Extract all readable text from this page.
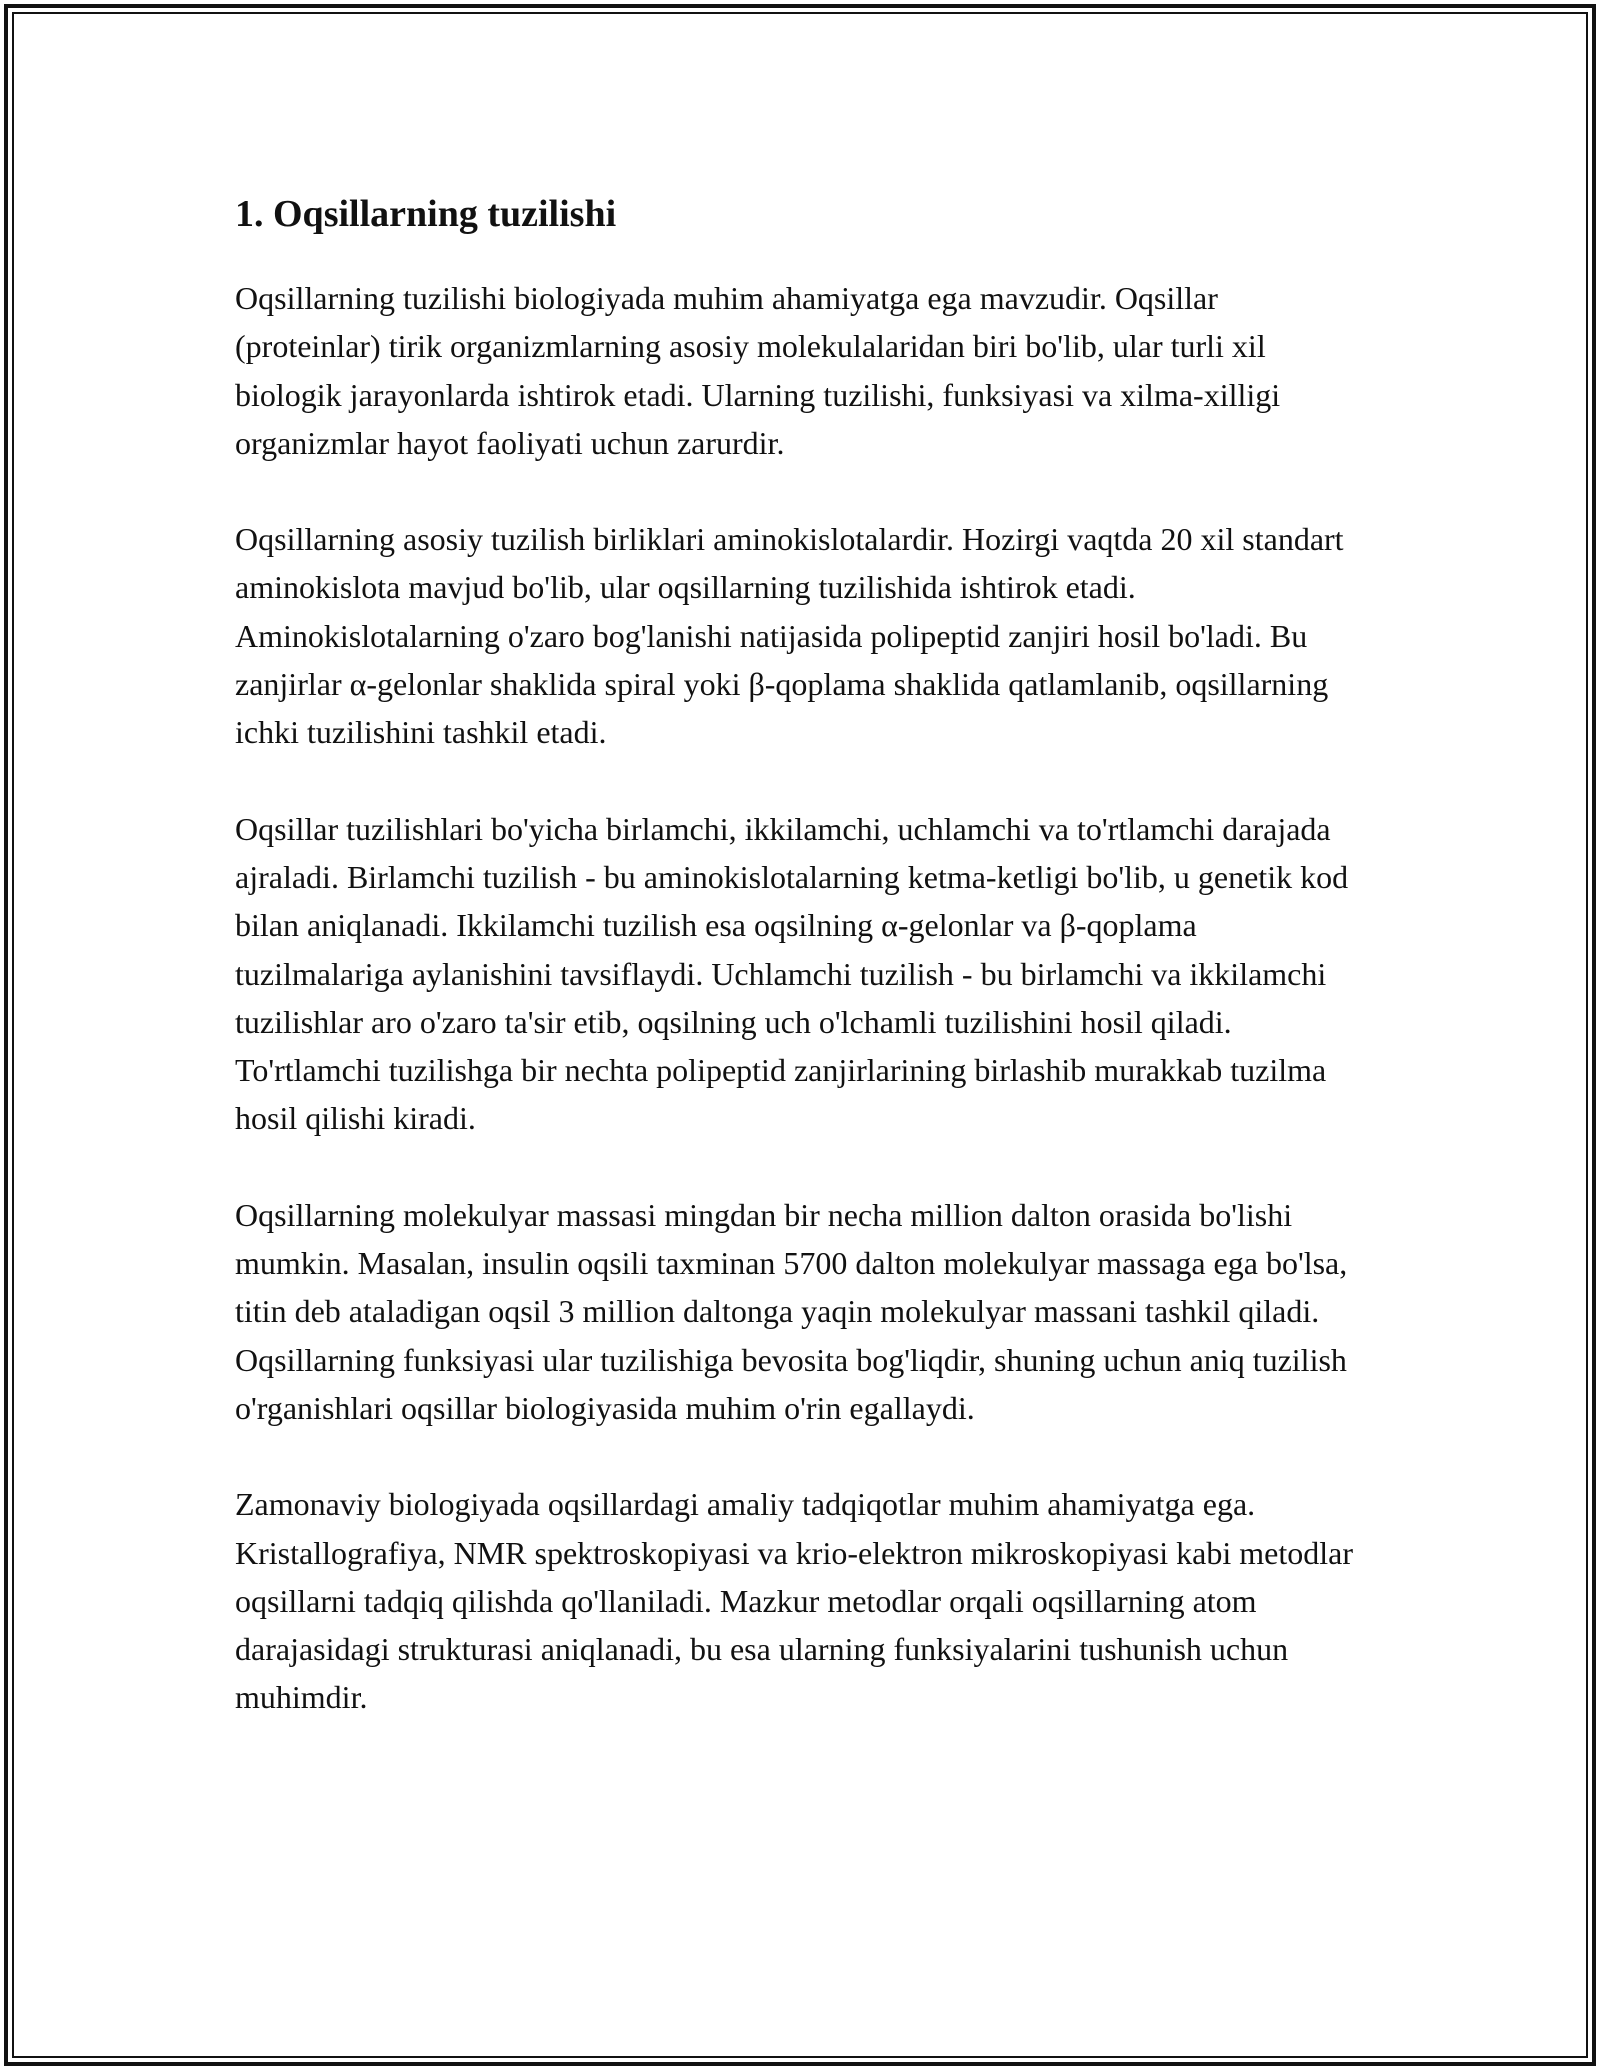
1. Oqsillarning tuzilishi

Oqsillarning tuzilishi biologiyada muhim ahamiyatga ega mavzudir. Oqsillar (proteinlar) tirik organizmlarning asosiy molekulalaridan biri bo'lib, ular turli xil biologik jarayonlarda ishtirok etadi. Ularning tuzilishi, funksiyasi va xilma-xilligi organizmlar hayot faoliyati uchun zarurdir.

Oqsillarning asosiy tuzilish birliklari aminokislotalardir. Hozirgi vaqtda 20 xil standart aminokislota mavjud bo'lib, ular oqsillarning tuzilishida ishtirok etadi. Aminokislotalarning o'zaro bog'lanishi natijasida polipeptid zanjiri hosil bo'ladi. Bu zanjirlar α-gelonlar shaklida spiral yoki β-qoplama shaklida qatlamlanib, oqsillarning ichki tuzilishini tashkil etadi.

Oqsillar tuzilishlari bo'yicha birlamchi, ikkilamchi, uchlamchi va to'rtlamchi darajada ajraladi. Birlamchi tuzilish - bu aminokislotalarning ketma-ketligi bo'lib, u genetik kod bilan aniqlanadi. Ikkilamchi tuzilish esa oqsilning α-gelonlar va β-qoplama tuzilmalariga aylanishini tavsiflaydi. Uchlamchi tuzilish - bu birlamchi va ikkilamchi tuzilishlar aro o'zaro ta'sir etib, oqsilning uch o'lchamli tuzilishini hosil qiladi. To'rtlamchi tuzilishga bir nechta polipeptid zanjirlarining birlashib murakkab tuzilma hosil qilishi kiradi.

Oqsillarning molekulyar massasi mingdan bir necha million dalton orasida bo'lishi mumkin. Masalan, insulin oqsili taxminan 5700 dalton molekulyar massaga ega bo'lsa, titin deb ataladigan oqsil 3 million daltonga yaqin molekulyar massani tashkil qiladi. Oqsillarning funksiyasi ular tuzilishiga bevosita bog'liqdir, shuning uchun aniq tuzilish o'rganishlari oqsillar biologiyasida muhim o'rin egallaydi.

Zamonaviy biologiyada oqsillardagi amaliy tadqiqotlar muhim ahamiyatga ega. Kristallografiya, NMR spektroskopiyasi va krio-elektron mikroskopiyasi kabi metodlar oqsillarni tadqiq qilishda qo'llaniladi. Mazkur metodlar orqali oqsillarning atom darajasidagi strukturasi aniqlanadi, bu esa ularning funksiyalarini tushunish uchun muhimdir.
